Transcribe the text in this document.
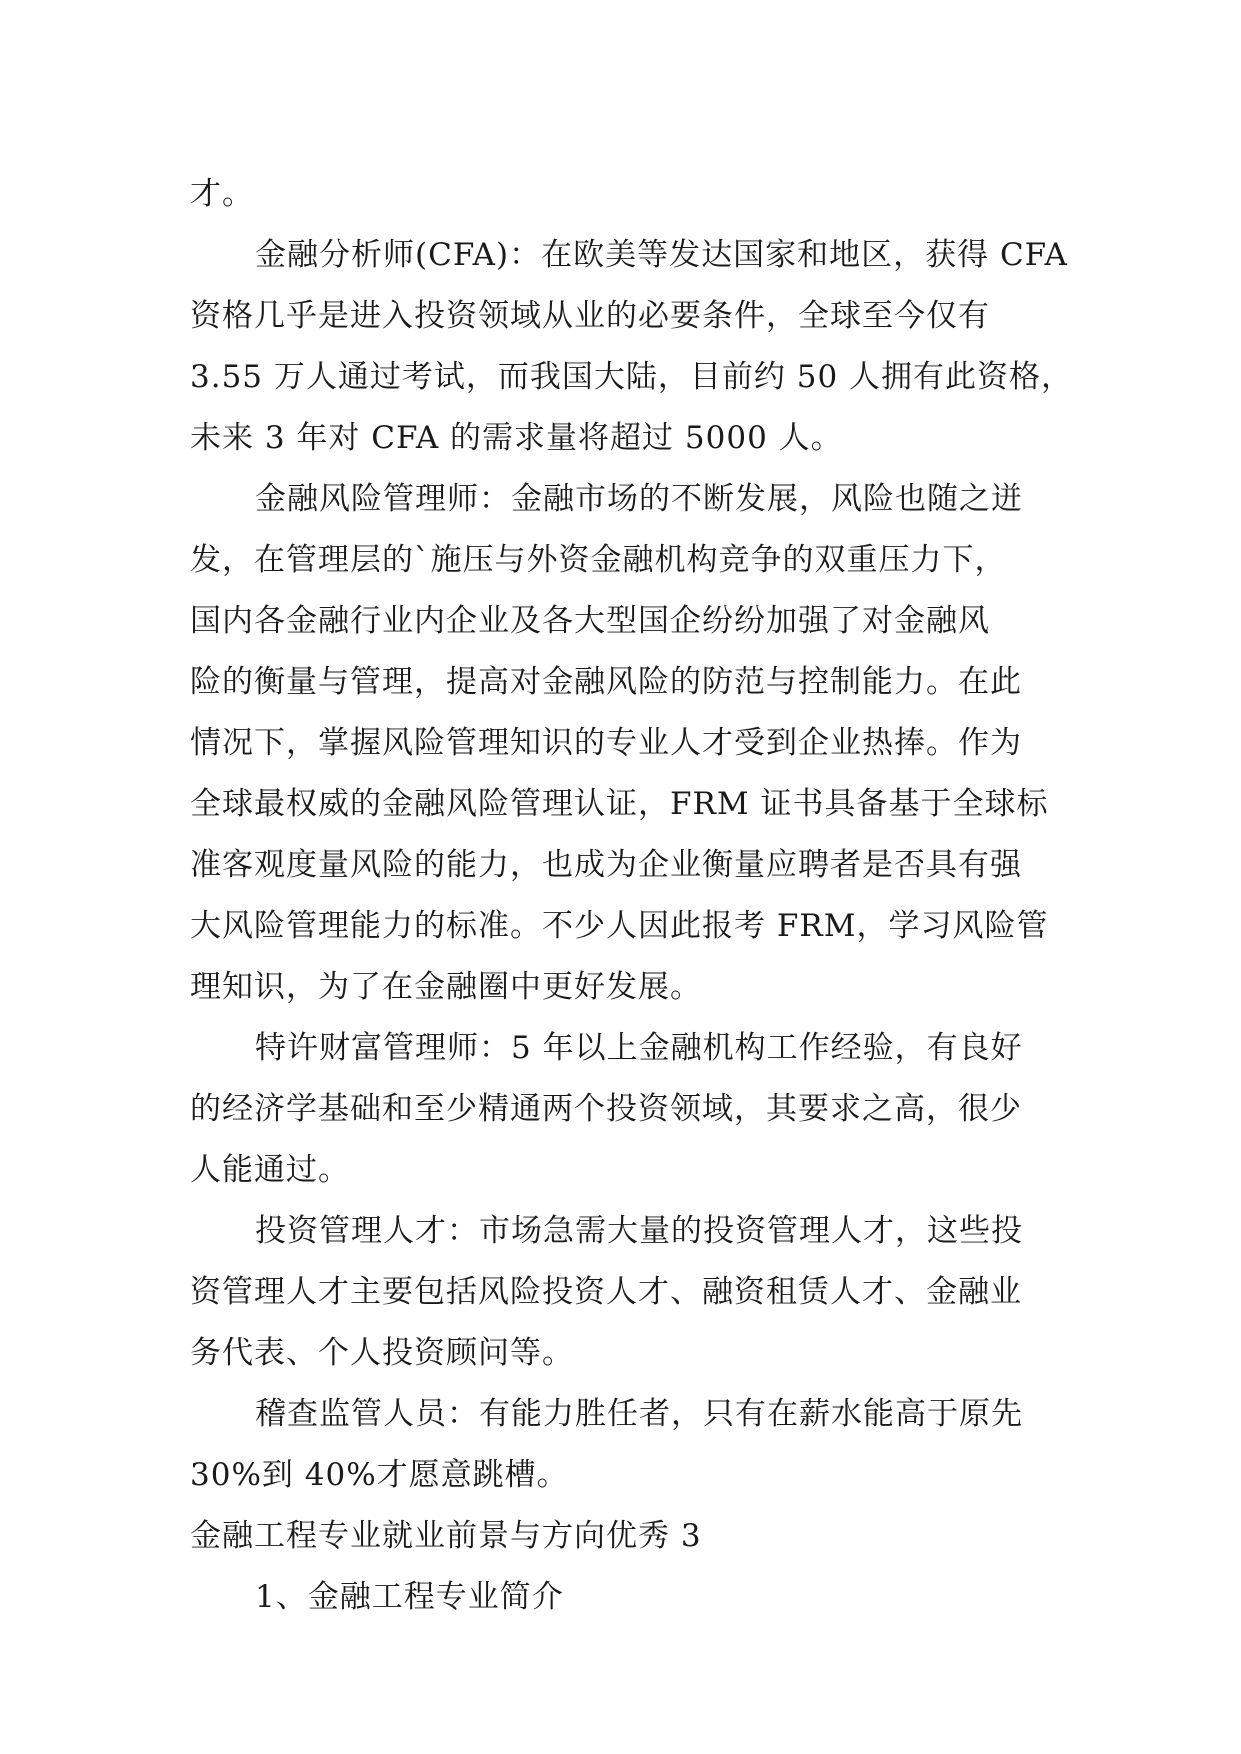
才。
金融分析师(CFA)：在欧美等发达国家和地区，获得 CFA
资格几乎是进入投资领域从业的必要条件，全球至今仅有
3.55 万人通过考试，而我国大陆，目前约 50 人拥有此资格，
未来 3 年对 CFA 的需求量将超过 5000 人。
金融风险管理师：金融市场的不断发展，风险也随之迸
发，在管理层的`施压与外资金融机构竞争的双重压力下，
国内各金融行业内企业及各大型国企纷纷加强了对金融风
险的衡量与管理，提高对金融风险的防范与控制能力。在此
情况下，掌握风险管理知识的专业人才受到企业热捧。作为
全球最权威的金融风险管理认证，FRM 证书具备基于全球标
准客观度量风险的能力，也成为企业衡量应聘者是否具有强
大风险管理能力的标准。不少人因此报考 FRM，学习风险管
理知识，为了在金融圈中更好发展。
特许财富管理师：5 年以上金融机构工作经验，有良好
的经济学基础和至少精通两个投资领域，其要求之高，很少
人能通过。
投资管理人才：市场急需大量的投资管理人才，这些投
资管理人才主要包括风险投资人才、融资租赁人才、金融业
务代表、个人投资顾问等。
稽查监管人员：有能力胜任者，只有在薪水能高于原先
30%到 40%才愿意跳槽。
金融工程专业就业前景与方向优秀 3
1、金融工程专业简介
